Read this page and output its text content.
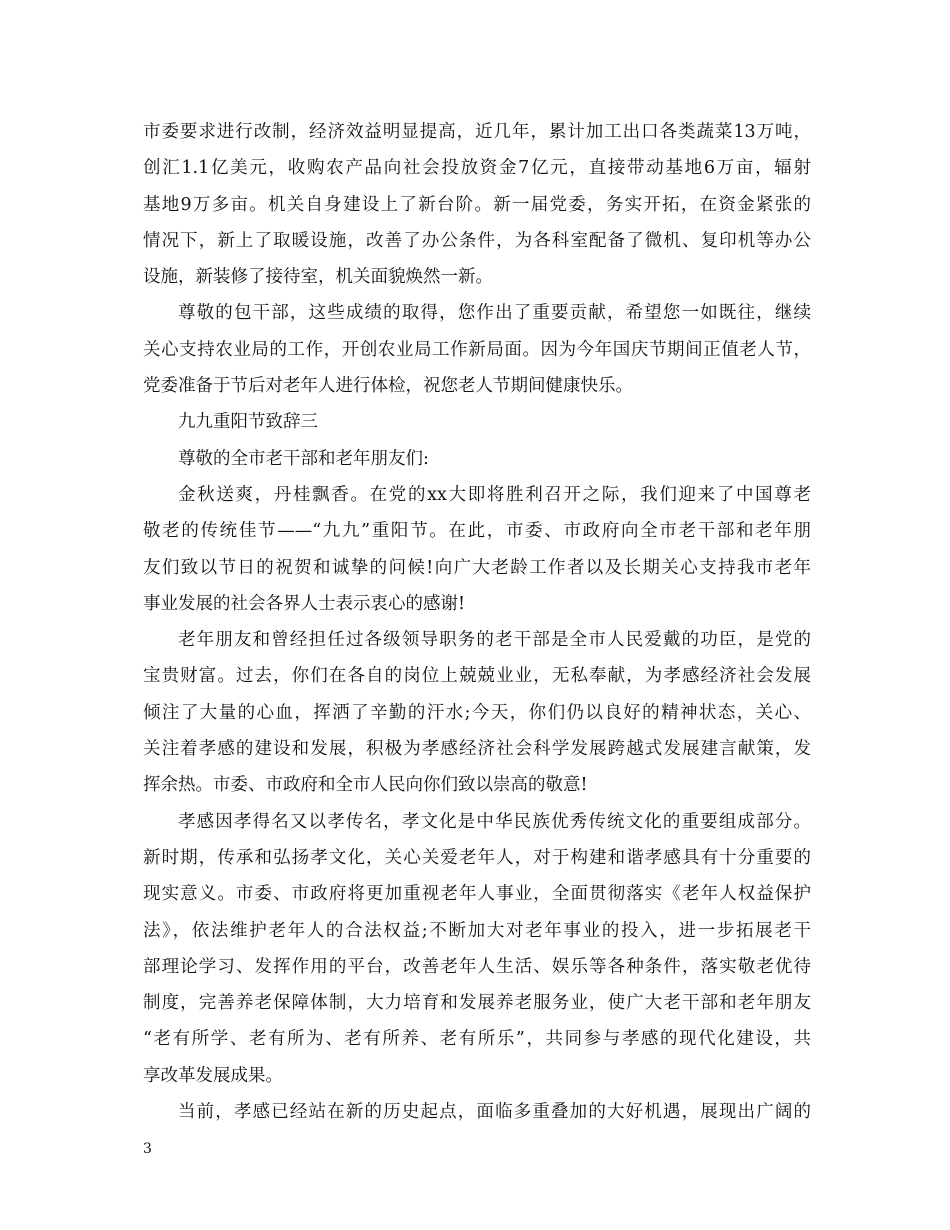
市委要求进行改制，经济效益明显提高，近几年，累计加工出口各类蔬菜13万吨，
创汇1.1亿美元，收购农产品向社会投放资金7亿元，直接带动基地6万亩，辐射
基地9万多亩。机关自身建设上了新台阶。新一届党委，务实开拓，在资金紧张的
情况下，新上了取暖设施，改善了办公条件，为各科室配备了微机、复印机等办公
设施，新装修了接待室，机关面貌焕然一新。
尊敬的包干部，这些成绩的取得，您作出了重要贡献，希望您一如既往，继续
关心支持农业局的工作，开创农业局工作新局面。因为今年国庆节期间正值老人节，
党委准备于节后对老年人进行体检，祝您老人节期间健康快乐。
九九重阳节致辞三
尊敬的全市老干部和老年朋友们:
金秋送爽，丹桂飘香。在党的xx大即将胜利召开之际，我们迎来了中国尊老
敬老的传统佳节——“九九”重阳节。在此，市委、市政府向全市老干部和老年朋
友们致以节日的祝贺和诚挚的问候!向广大老龄工作者以及长期关心支持我市老年
事业发展的社会各界人士表示衷心的感谢!
老年朋友和曾经担任过各级领导职务的老干部是全市人民爱戴的功臣，是党的
宝贵财富。过去，你们在各自的岗位上兢兢业业，无私奉献，为孝感经济社会发展
倾注了大量的心血，挥洒了辛勤的汗水;今天，你们仍以良好的精神状态，关心、
关注着孝感的建设和发展，积极为孝感经济社会科学发展跨越式发展建言献策，发
挥余热。市委、市政府和全市人民向你们致以崇高的敬意!
孝感因孝得名又以孝传名，孝文化是中华民族优秀传统文化的重要组成部分。
新时期，传承和弘扬孝文化，关心关爱老年人，对于构建和谐孝感具有十分重要的
现实意义。市委、市政府将更加重视老年人事业，全面贯彻落实《老年人权益保护
法》，依法维护老年人的合法权益;不断加大对老年事业的投入，进一步拓展老干
部理论学习、发挥作用的平台，改善老年人生活、娱乐等各种条件，落实敬老优待
制度，完善养老保障体制，大力培育和发展养老服务业，使广大老干部和老年朋友
“老有所学、老有所为、老有所养、老有所乐”，共同参与孝感的现代化建设，共
享改革发展成果。
当前，孝感已经站在新的历史起点，面临多重叠加的大好机遇，展现出广阔的
3
